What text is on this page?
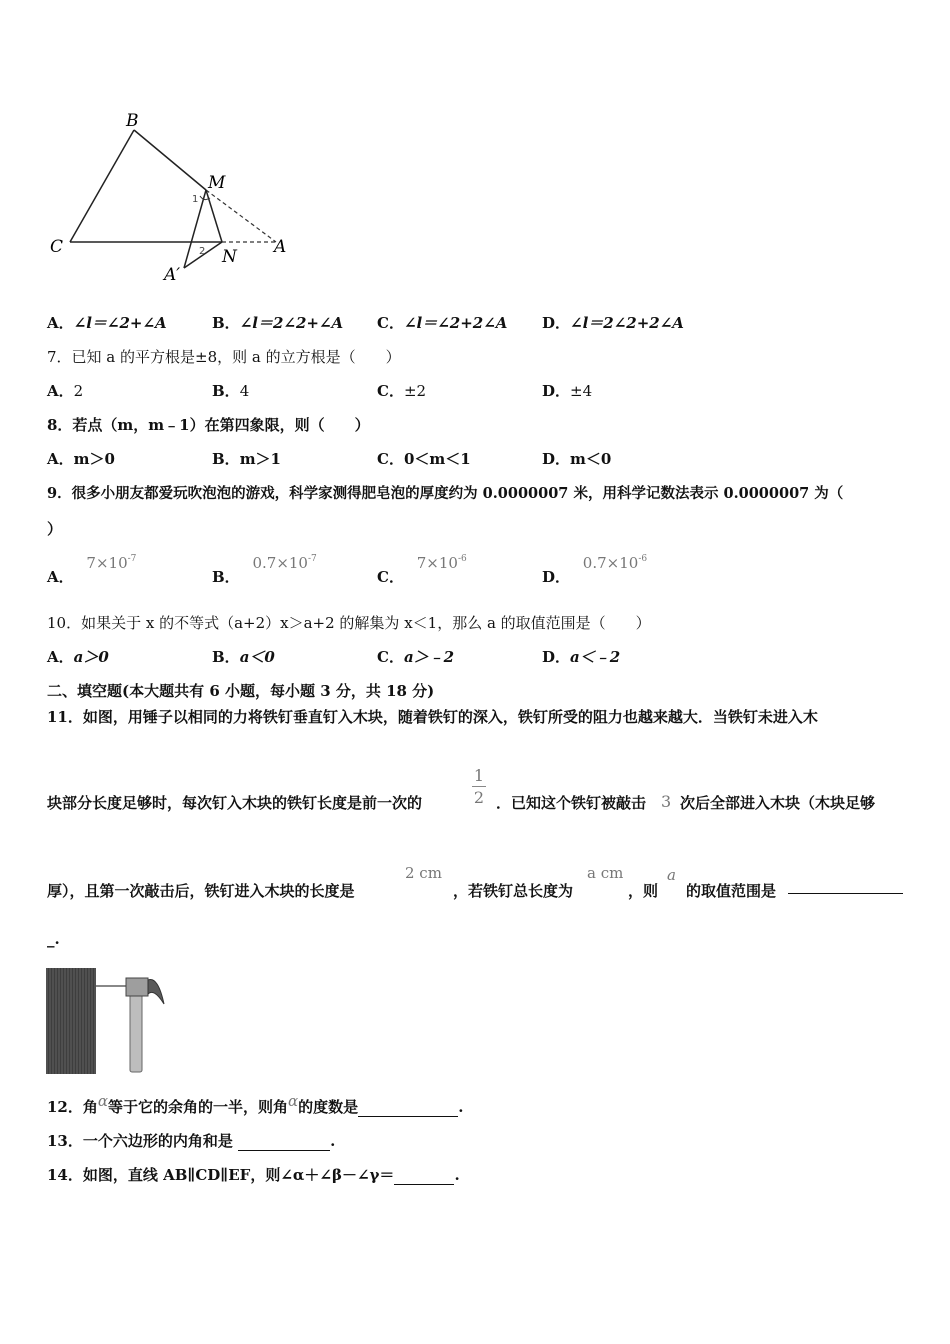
B
M
C	A
A′
N
1
2
A．∠l＝∠2+∠A	B．∠l＝2∠2+∠A C．∠l＝∠2+2∠A D．∠l＝2∠2+2∠A
7．已知 a 的平方根是±8，则 a 的立方根是（　　）
A．2	B．4	C．±2	D．±4
8．若点（m，m﹣1）在第四象限，则（　　）
A．m＞0	B．m＞1	C．0＜m＜1	D．m＜0
9．很多小朋友都爱玩吹泡泡的游戏，科学家测得肥皂泡的厚度约为 0.0000007 米，用科学记数法表示 0.0000007 为（
）
A． $7\times 10^{-7}$
B． $0.7\times 10^{-7}$
C． $7\times 10^{-6}$
D． $0.7\times 10^{-6}$
10．如果关于 x 的不等式（a+2）x＞a+2 的解集为 x＜1，那么 a 的取值范围是（　　）
A．a＞0	B．a＜0	C．a＞﹣2	D．a＜﹣2
二、填空题(本大题共有 6 小题，每小题 3 分，共 18 分)
11．如图，用锤子以相同的力将铁钉垂直钉入木块，随着铁钉的深入，铁钉所受的阻力也越来越大．当铁钉未进入木
块部分长度足够时，每次钉入木块的铁钉长度是前一次的
1
2 ．已知这个铁钉被敲击 3 次后全部进入木块（木块足够
厚），且第一次敲击后，铁钉进入木块的长度是
2 cm
，若铁钉总长度为
a cm
，则
a
的取值范围是
_.
12．角α等于它的余角的一半，则角α的度数是	.
13．一个六边形的内角和是	.
14．如图，直线 AB∥CD∥EF，则∠α＋∠β－∠γ＝	.
